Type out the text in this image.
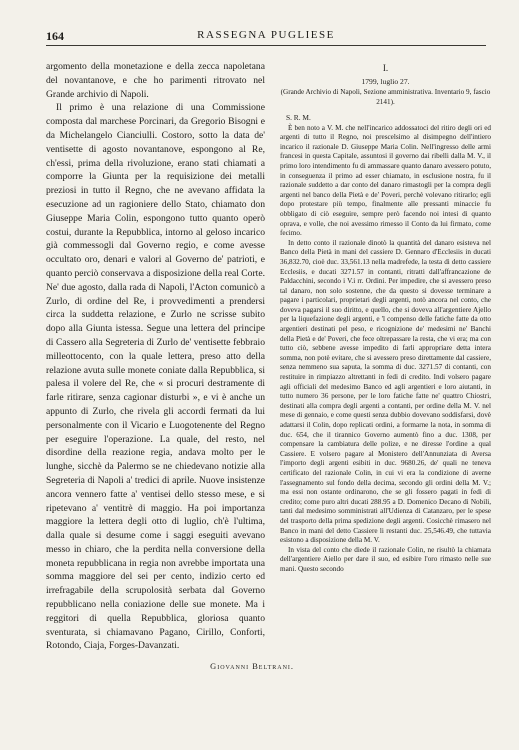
164	RASSEGNA PUGLIESE

argomento della monetazione e della zecca napoletana del novantanove, e che ho parimenti ritrovato nel Grande archivio di Napoli.

Il primo è una relazione di una Commissione composta dal marchese Porcinari, da Gregorio Bisogni e da Michelangelo Cianciulli. Costoro, sotto la data de' ventisette di agosto novantanove, espongono al Re, ch'essi, prima della rivoluzione, erano stati chiamati a comporre la Giunta per la requisizione dei metalli preziosi in tutto il Regno, che ne avevano affidata la esecuzione ad un ragioniere dello Stato, chiamato don Giuseppe Maria Colin, espongono tutto quanto operò costui, durante la Repubblica, intorno al geloso incarico già commessogli dal Governo regio, e come avesse occultato oro, denari e valori al Governo de' patrioti, e quanto perciò conservava a disposizione della real Corte. Ne' due agosto, dalla rada di Napoli, l'Acton comunicò a Zurlo, di ordine del Re, i provvedimenti a prendersi circa la suddetta relazione, e Zurlo ne scrisse subito dopo alla Giunta istessa. Segue una lettera del principe di Cassero alla Segreteria di Zurlo de' ventisette febbraio milleottocento, con la quale lettera, preso atto della relazione avuta sulle monete coniate dalla Repubblica, si palesa il volere del Re, che « si procuri destramente di farle ritirare, senza cagionar disturbi », e vi è anche un appunto di Zurlo, che rivela gli accordi fermati da lui personalmente con il Vicario e Luogotenente del Regno per eseguire l'operazione. La quale, del resto, nel disordine della reazione regia, andava molto per le lunghe, sicchè da Palermo se ne chiedevano notizie alla Segreteria di Napoli a' tredici di aprile. Nuove insistenze ancora vennero fatte a' ventisei dello stesso mese, e si ripetevano a' ventitrè di maggio. Ha poi importanza maggiore la lettera degli otto di luglio, ch'è l'ultima, dalla quale si desume come i saggi eseguiti avevano messo in chiaro, che la perdita nella conversione della moneta repubblicana in regia non avrebbe importata una somma maggiore del sei per cento, indizio certo ed irrefragabile della scrupolosità serbata dal Governo repubblicano nella coniazione delle sue monete. Ma i reggitori di quella Repubblica, gloriosa quanto sventurata, si chiamavano Pagano, Cirillo, Conforti, Rotondo, Ciaja, Forges-Davanzati.

Giovanni Beltrani.
I.
1799, luglio 27.
(Grande Archivio di Napoli, Sezione amministrativa. Inventario 9, fascio 2141).
S. R. M.

È ben noto a V. M. che nell'incarico addossatoci del ritiro degli ori ed argenti di tutto il Regno, noi prescelsimo al disimpegno dell'intiero incarico il razionale D. Giuseppe Maria Colin. Nell'ingresso delle armi francesi in questa Capitale, assuntosi il governo dai ribelli dalla M. V., il primo loro intendimento fu di ammassare quanto danaro avessero potuto, in conseguenza il primo ad esser chiamato, in esclusione nostra, fu il razionale suddetto a dar conto del danaro rimastogli per la compra degli argenti nel banco della Pietà e de' Poveri, perchè volevano ritirarlo; egli dopo protestare più tempo, finalmente alle pressanti minaccie fu obbligato di ciò eseguire, sempre però facendo noi intesi di quanto oprava, e volle, che noi avessimo rimesso il Conto da lui firmato, come fecimo.

In detto conto il razionale dinotò la quantità del danaro esisteva nel Banco della Pietà in mani del cassiere D. Gennaro d'Ecclesiis in ducati 36,832.70, cioè duc. 33,561.13 nella madrefede, la testa di detto cassiere Ecclesiis, e ducati 3271.57 in contanti, ritratti dall'affrancazione de Paldacchini, secondo i V.i rr. Ordini. Per impedire, che si avessero preso tal danaro, non solo sostenne, che da questo si dovesse terminare a pagare i particolari, proprietari degli argenti, notò ancora nel conto, che doveva pagarsi il suo diritto, e quello, che si doveva all'argentiere Ajello per la liquefazione degli argenti, e 'l compenso delle fatiche fatte da otto argentieri destinati pel peso, e ricognizione de' medesimi ne' Banchi della Pietà e de' Poveri, che fece oltrepassare la resta, che vi era; ma con tutto ciò, sebbene avesse impedito di farli appropriare detta intera somma, non potè evitare, che si avessero preso direttamente dal cassiere, senza nemmeno sua saputa, la somma di duc. 3271.57 di contanti, con restituire in rimpiazzo altrettanti in fedi di credito. Indi volsero pagare agli officiali del medesimo Banco ed agli argentieri e loro aiutanti, in tutto numero 36 persone, per le loro fatiche fatte ne' quattro Chiostri, destinati alla compra degli argenti a contanti, per ordine della M. V. nel mese di gennaio, e come questi senza dubbio dovevano soddisfarsi, dovè adattarsi il Colin, dopo replicati ordini, a formarne la nota, in somma di duc. 654, che il tirannico Governo aumentò fino a duc. 1308, per compensare la cambiatura delle polize, e ne diresse l'ordine a qual Cassiere. E volsero pagare al Monistero dell'Annunziata di Aversa l'importo degli argenti esibiti in duc. 9680.26, de' quali ne teneva certificato del razionale Colin, in cui vi era la condizione di averne l'assegnamento sul fondo della decima, secondo gli ordini della M. V.; ma essi non ostante ordinarono, che se gli fossero pagati in fedi di credito; come puro altri ducati 288.95 a D. Domenico Decano di Nobili, tanti dal medesimo somministrati all'Udienza di Catanzaro, per le spese del trasporto della prima spedizione degli argenti. Cosicchè rimasero nel Banco in mani del detto Cassiere li restanti duc. 25,546.49, che tuttavia esistono a disposizione della M. V.

In vista del conto che diede il razionale Colin, ne risultò la chiamata dell'argentiere Aiello per dare il suo, ed esibire l'oro rimasto nelle sue mani. Questo secondo
